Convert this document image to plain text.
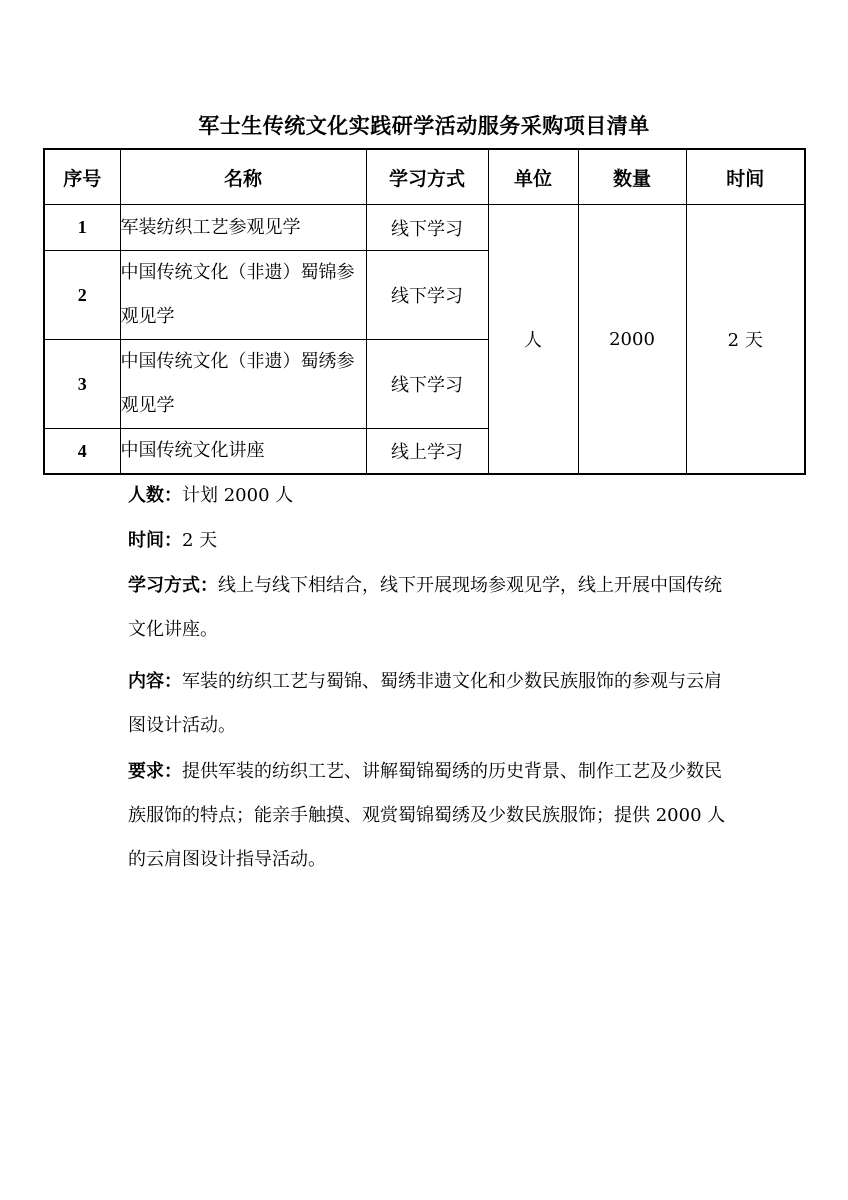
军士生传统文化实践研学活动服务采购项目清单
序号	名称	学习方式	单位	数量	时间
1	军装纺织工艺参观见学	线下学习	人	2000	2 天
2	中国传统文化（非遗）蜀锦参观见学	线下学习			
3	中国传统文化（非遗）蜀绣参观见学	线下学习			
4	中国传统文化讲座	线上学习			
人数：计划 2000 人
时间：2 天
学习方式：线上与线下相结合，线下开展现场参观见学，线上开展中国传统文化讲座。
内容：军装的纺织工艺与蜀锦、蜀绣非遗文化和少数民族服饰的参观与云肩图设计活动。
要求：提供军装的纺织工艺、讲解蜀锦蜀绣的历史背景、制作工艺及少数民族服饰的特点；能亲手触摸、观赏蜀锦蜀绣及少数民族服饰；提供 2000 人的云肩图设计指导活动。
